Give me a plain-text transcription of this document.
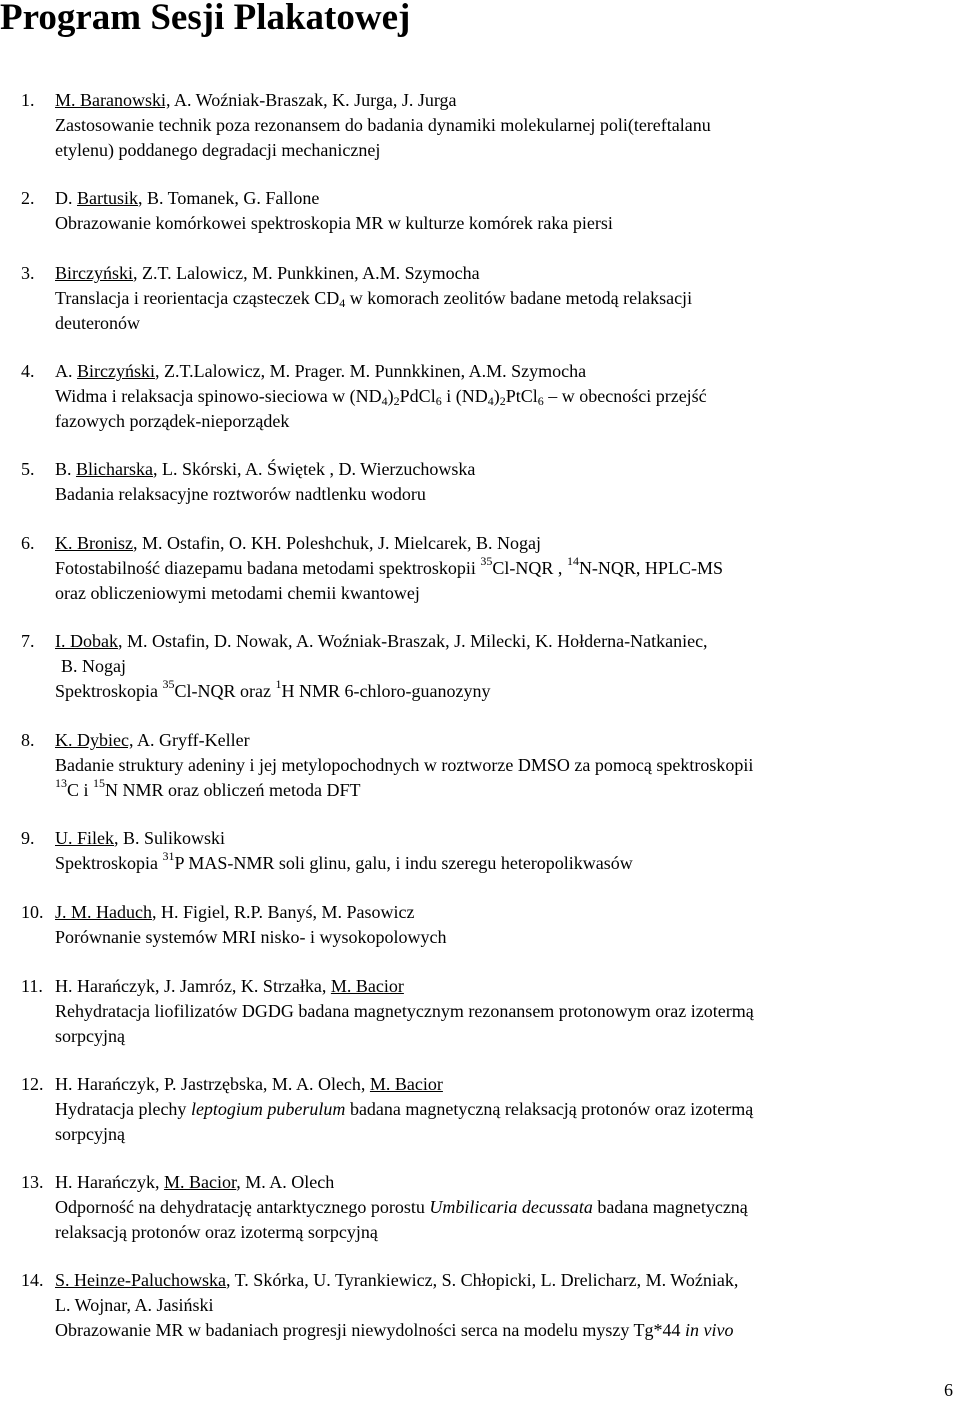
Program Sesji Plakatowej
1. M. Baranowski, A. Woźniak-Braszak, K. Jurga, J. Jurga
Zastosowanie technik poza rezonansem do badania dynamiki molekularnej poli(tereftalanu
etylenu) poddanego degradacji mechanicznej
2. D. Bartusik, B. Tomanek, G. Fallone
Obrazowanie komórkowei spektroskopia MR w kulturze komórek raka piersi
3. Birczyński, Z.T. Lalowicz, M. Punkkinen, A.M. Szymocha
Translacja i reorientacja cząsteczek $CD_4$ w komorach zeolitów badane metodą relaksacji
deuteronów
4. A. Birczyński, Z.T.Lalowicz, M. Prager. M. Punnkkinen, A.M. Szymocha
Widma i relaksacja spinowo-sieciowa w $(ND_4)_2PdCl_6$ i $(ND_4)_2PtCl_6$ – w obecności przejść
fazowych porządek-nieporządek
5. B. Blicharska, L. Skórski, A. Świętek , D. Wierzuchowska
Badania relaksacyjne roztworów nadtlenku wodoru
6. K. Bronisz, M. Ostafin, O. KH. Poleshchuk, J. Mielcarek, B. Nogaj
Fotostabilność diazepamu badana metodami spektroskopii $^{35}$Cl-NQR , $^{14}$N-NQR, HPLC-MS
oraz obliczeniowymi metodami chemii kwantowej
7. I. Dobak, M. Ostafin, D. Nowak, A. Woźniak-Braszak, J. Milecki, K. Hołderna-Natkaniec,
B. Nogaj
Spektroskopia $^{35}$Cl-NQR oraz $^1$H NMR 6-chloro-guanozyny
8. K. Dybiec, A. Gryff-Keller
Badanie struktury adeniny i jej metylopochodnych w roztworze DMSO za pomocą spektroskopii
$^{13}$C i $^{15}$N NMR oraz obliczeń metoda DFT
9. U. Filek, B. Sulikowski
Spektroskopia $^{31}$P MAS-NMR soli glinu, galu, i indu szeregu heteropolikwasów
10. J. M. Haduch, H. Figiel, R.P. Banyś, M. Pasowicz
Porównanie systemów MRI nisko- i wysokopolowych
11. H. Harańczyk, J. Jamróz, K. Strzałka, M. Bacior
Rehydratacja liofilizatów DGDG badana magnetycznym rezonansem protonowym oraz izotermą
sorpcyjną
12. H. Harańczyk, P. Jastrzębska, M. A. Olech, M. Bacior
Hydratacja plechy leptogium puberulum badana magnetyczną relaksacją protonów oraz izotermą
sorpcyjną
13. H. Harańczyk, M. Bacior, M. A. Olech
Odporność na dehydratację antarktycznego porostu Umbilicaria decussata badana magnetyczną
relaksacją protonów oraz izotermą sorpcyjną
14. S. Heinze-Paluchowska, T. Skórka, U. Tyrankiewicz, S. Chłopicki, L. Drelicharz, M. Woźniak,
L. Wojnar, A. Jasiński
Obrazowanie MR w badaniach progresji niewydolności serca na modelu myszy Tg*44 in vivo
6
